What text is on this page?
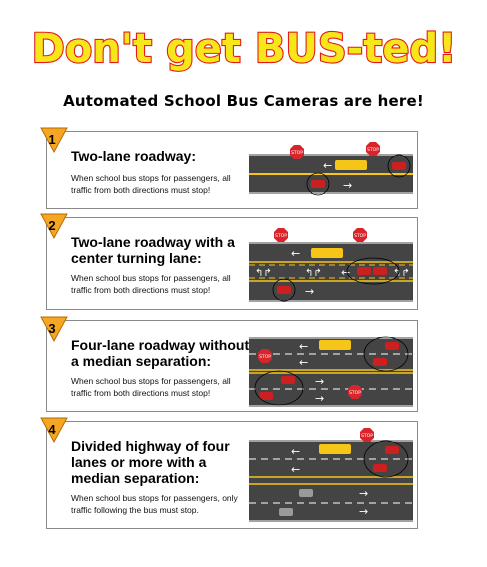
Don't get BUS-ted!
Automated School Bus Cameras are here!
1
Two-lane roadway:
When school bus stops for passengers, all traffic from both directions must stop!
STOP
STOP
←
→
2
Two-lane roadway with a center turning lane:
When school bus stops for passengers, all traffic from both directions must stop!
STOP	STOP
←
↰↱	↰↱ ←	↰↱
→
3
Four-lane roadway without a median separation:
When school bus stops for passengers, all traffic from both directions must stop!
STOP
STOP
←
←
→
→
4
Divided highway of four lanes or more with a median separation:
When school bus stops for passengers, only traffic following the bus must stop.
STOP
←
←
→
→
